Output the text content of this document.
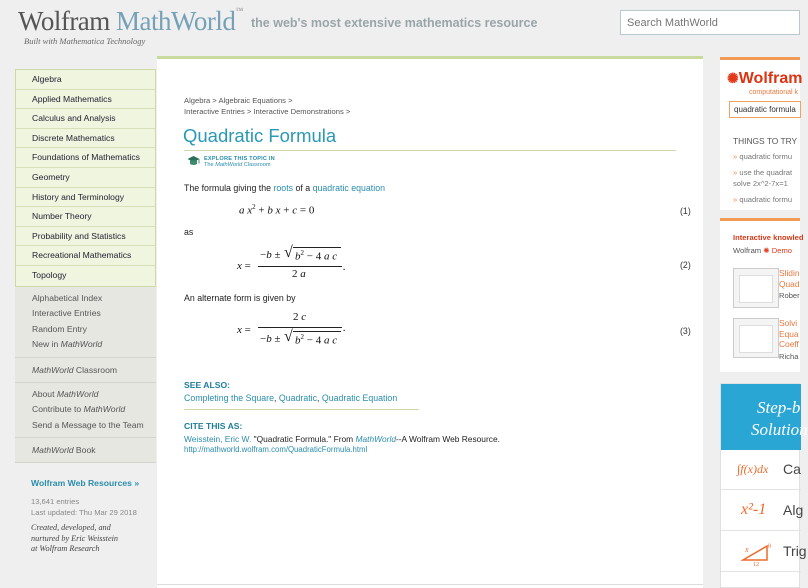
Wolfram MathWorld™
Built with Mathematica Technology
the web's most extensive mathematics resource
Search MathWorld
Algebra
Applied Mathematics
Calculus and Analysis
Discrete Mathematics
Foundations of Mathematics
Geometry
History and Terminology
Number Theory
Probability and Statistics
Recreational Mathematics
Topology
Alphabetical Index
Interactive Entries
Random Entry
New in MathWorld
MathWorld Classroom
About MathWorld
Contribute to MathWorld
Send a Message to the Team
MathWorld Book
Wolfram Web Resources »
13,641 entries
Last updated: Thu Mar 29 2018
Created, developed, and
nurtured by Eric Weisstein
at Wolfram Research
Algebra > Algebraic Equations >
Interactive Entries > Interactive Demonstrations >
Quadratic Formula
EXPLORE THIS TOPIC IN
The MathWorld Classroom
The formula giving the roots of a quadratic equation
a $x^2 + b$ x + c = 0	(1)
as
x =
−b ± √ $b^2 - 4$ a c
2 a
.	(2)
An alternate form is given by
x =
2 c
−b ± √ $b^2 - 4$ a c
.	(3)
SEE ALSO:
Completing the Square, Quadratic, Quadratic Equation
CITE THIS AS:
Weisstein, Eric W. "Quadratic Formula." From MathWorld--A Wolfram Web Resource.
http://mathworld.wolfram.com/QuadraticFormula.html
✺Wolfram
computational k
quadratic formula
THINGS TO TRY
» quadratic formu
» use the quadrat
solve 2x^2-7x=1
» quadratic formu
Interactive knowled
Wolfram ✺ Demo
Slidin
Quad
Rober
Solvi
Equa
Coeff
Richa
Step-b
Solution
∫f(x)dx Ca
x²-1 Alg
x
12
θ Trig
